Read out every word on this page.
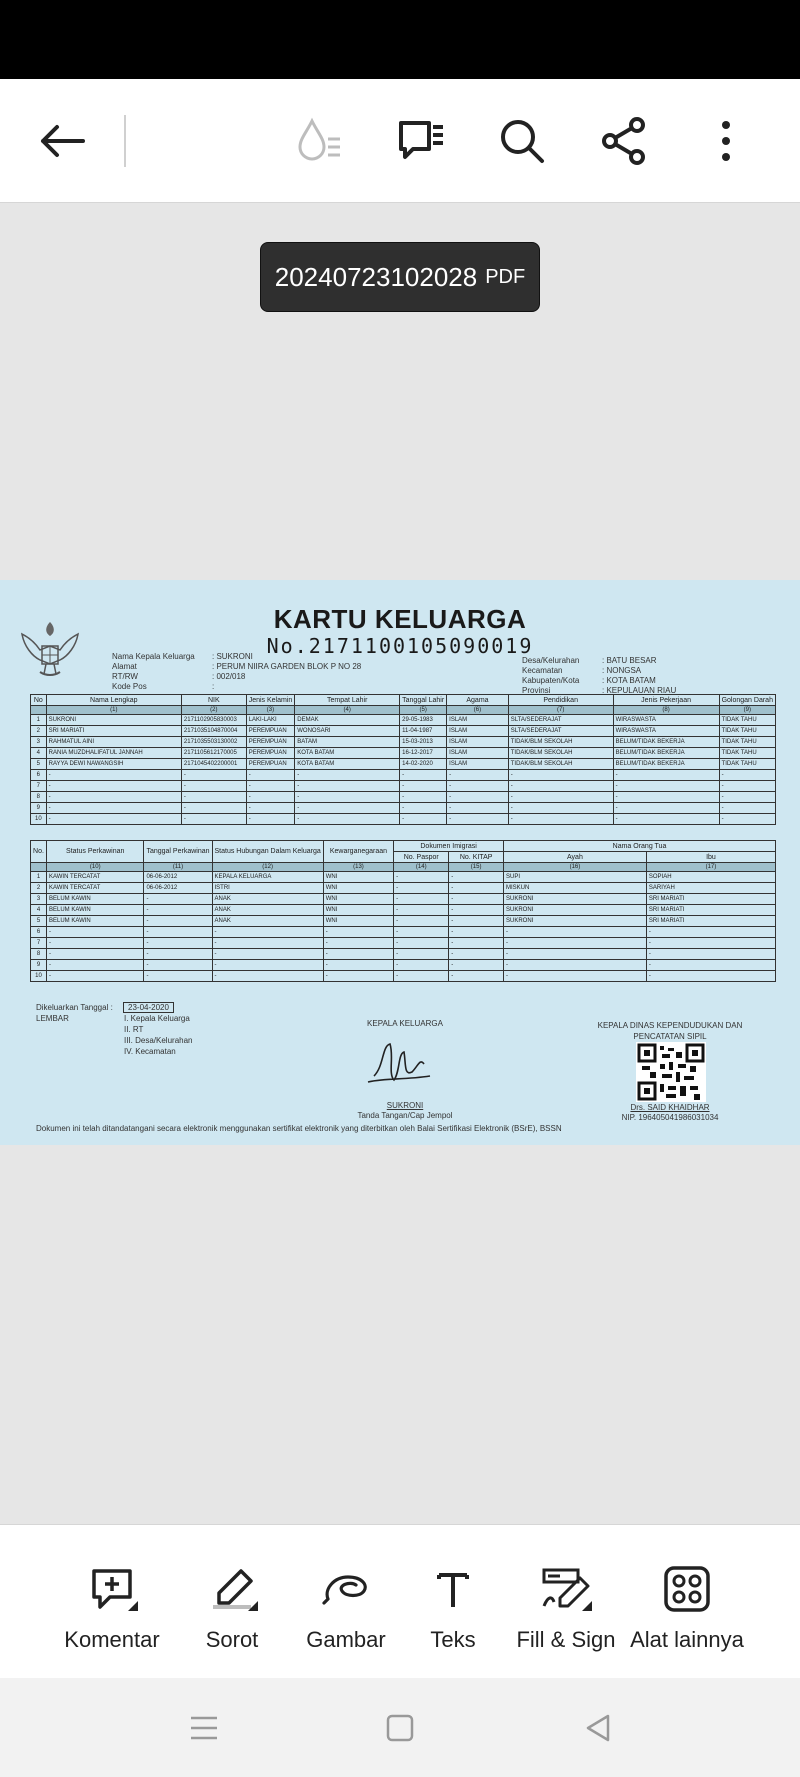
20240723102028 PDF
KARTU KELUARGA
No.2171100105090019
Nama Kepala Keluarga	: SUKRONI
Alamat	: PERUM NIIRA GARDEN BLOK P NO 28
RT/RW	: 002/018
Kode Pos	:
Desa/Kelurahan	: BATU BESAR
Kecamatan	: NONGSA
Kabupaten/Kota	: KOTA BATAM
Provinsi	: KEPULAUAN RIAU
No	Nama Lengkap	NIK	Jenis Kelamin	Tempat Lahir	Tanggal Lahir	Agama	Pendidikan	Jenis Pekerjaan	Golongan Darah
	(1)	(2)	(3)	(4)	(5)	(6)	(7)	(8)	(9)
1	SUKRONI	2171102905830003	LAKI-LAKI	DEMAK	29-05-1983	ISLAM	SLTA/SEDERAJAT	WIRASWASTA	TIDAK TAHU
2	SRI MARIATI	2171035104870004	PEREMPUAN	WONOSARI	11-04-1987	ISLAM	SLTA/SEDERAJAT	WIRASWASTA	TIDAK TAHU
3	RAHMATUL AINI	2171035503130002	PEREMPUAN	BATAM	15-03-2013	ISLAM	TIDAK/BLM SEKOLAH	BELUM/TIDAK BEKERJA	TIDAK TAHU
4	RANIA MUZDHALIFATUL JANNAH	2171105612170005	PEREMPUAN	KOTA BATAM	16-12-2017	ISLAM	TIDAK/BLM SEKOLAH	BELUM/TIDAK BEKERJA	TIDAK TAHU
5	RAYYA DEWI NAWANGSIH	2171045402200001	PEREMPUAN	KOTA BATAM	14-02-2020	ISLAM	TIDAK/BLM SEKOLAH	BELUM/TIDAK BEKERJA	TIDAK TAHU
6	-	-	-	-	-	-	-	-	-
7	-	-	-	-	-	-	-	-	-
8	-	-	-	-	-	-	-	-	-
9	-	-	-	-	-	-	-	-	-
10	-	-	-	-	-	-	-	-	-
No.	Status Perkawinan	Tanggal Perkawinan	Status Hubungan Dalam Keluarga	Kewarganegaraan	Dokumen Imigrasi		Nama Orang Tua	
					No. Paspor	No. KITAP	Ayah	Ibu
	(10)	(11)	(12)	(13)	(14)	(15)	(16)	(17)
1	KAWIN TERCATAT	06-06-2012	KEPALA KELUARGA	WNI	-	-	SUPI	SOPIAH
2	KAWIN TERCATAT	06-06-2012	ISTRI	WNI	-	-	MISKUN	SARIYAH
3	BELUM KAWIN	-	ANAK	WNI	-	-	SUKRONI	SRI MARIATI
4	BELUM KAWIN	-	ANAK	WNI	-	-	SUKRONI	SRI MARIATI
5	BELUM KAWIN	-	ANAK	WNI	-	-	SUKRONI	SRI MARIATI
6	-	-	-	-	-	-	-	-
7	-	-	-	-	-	-	-	-
8	-	-	-	-	-	-	-	-
9	-	-	-	-	-	-	-	-
10	-	-	-	-	-	-	-	-
Dikeluarkan Tanggal : 23-04-2020
LEMBAR	I. Kepala Keluarga
II. RT
III. Desa/Kelurahan
IV. Kecamatan
KEPALA KELUARGA
SUKRONI
Tanda Tangan/Cap Jempol
KEPALA DINAS KEPENDUDUKAN DAN
PENCATATAN SIPIL
Drs. SAID KHAIDHAR
NIP. 196405041986031034
Dokumen ini telah ditandatangani secara elektronik menggunakan sertifikat elektronik yang diterbitkan oleh Balai Sertifikasi Elektronik (BSrE), BSSN
Komentar Sorot Gambar Teks Fill & Sign Alat lainnya
